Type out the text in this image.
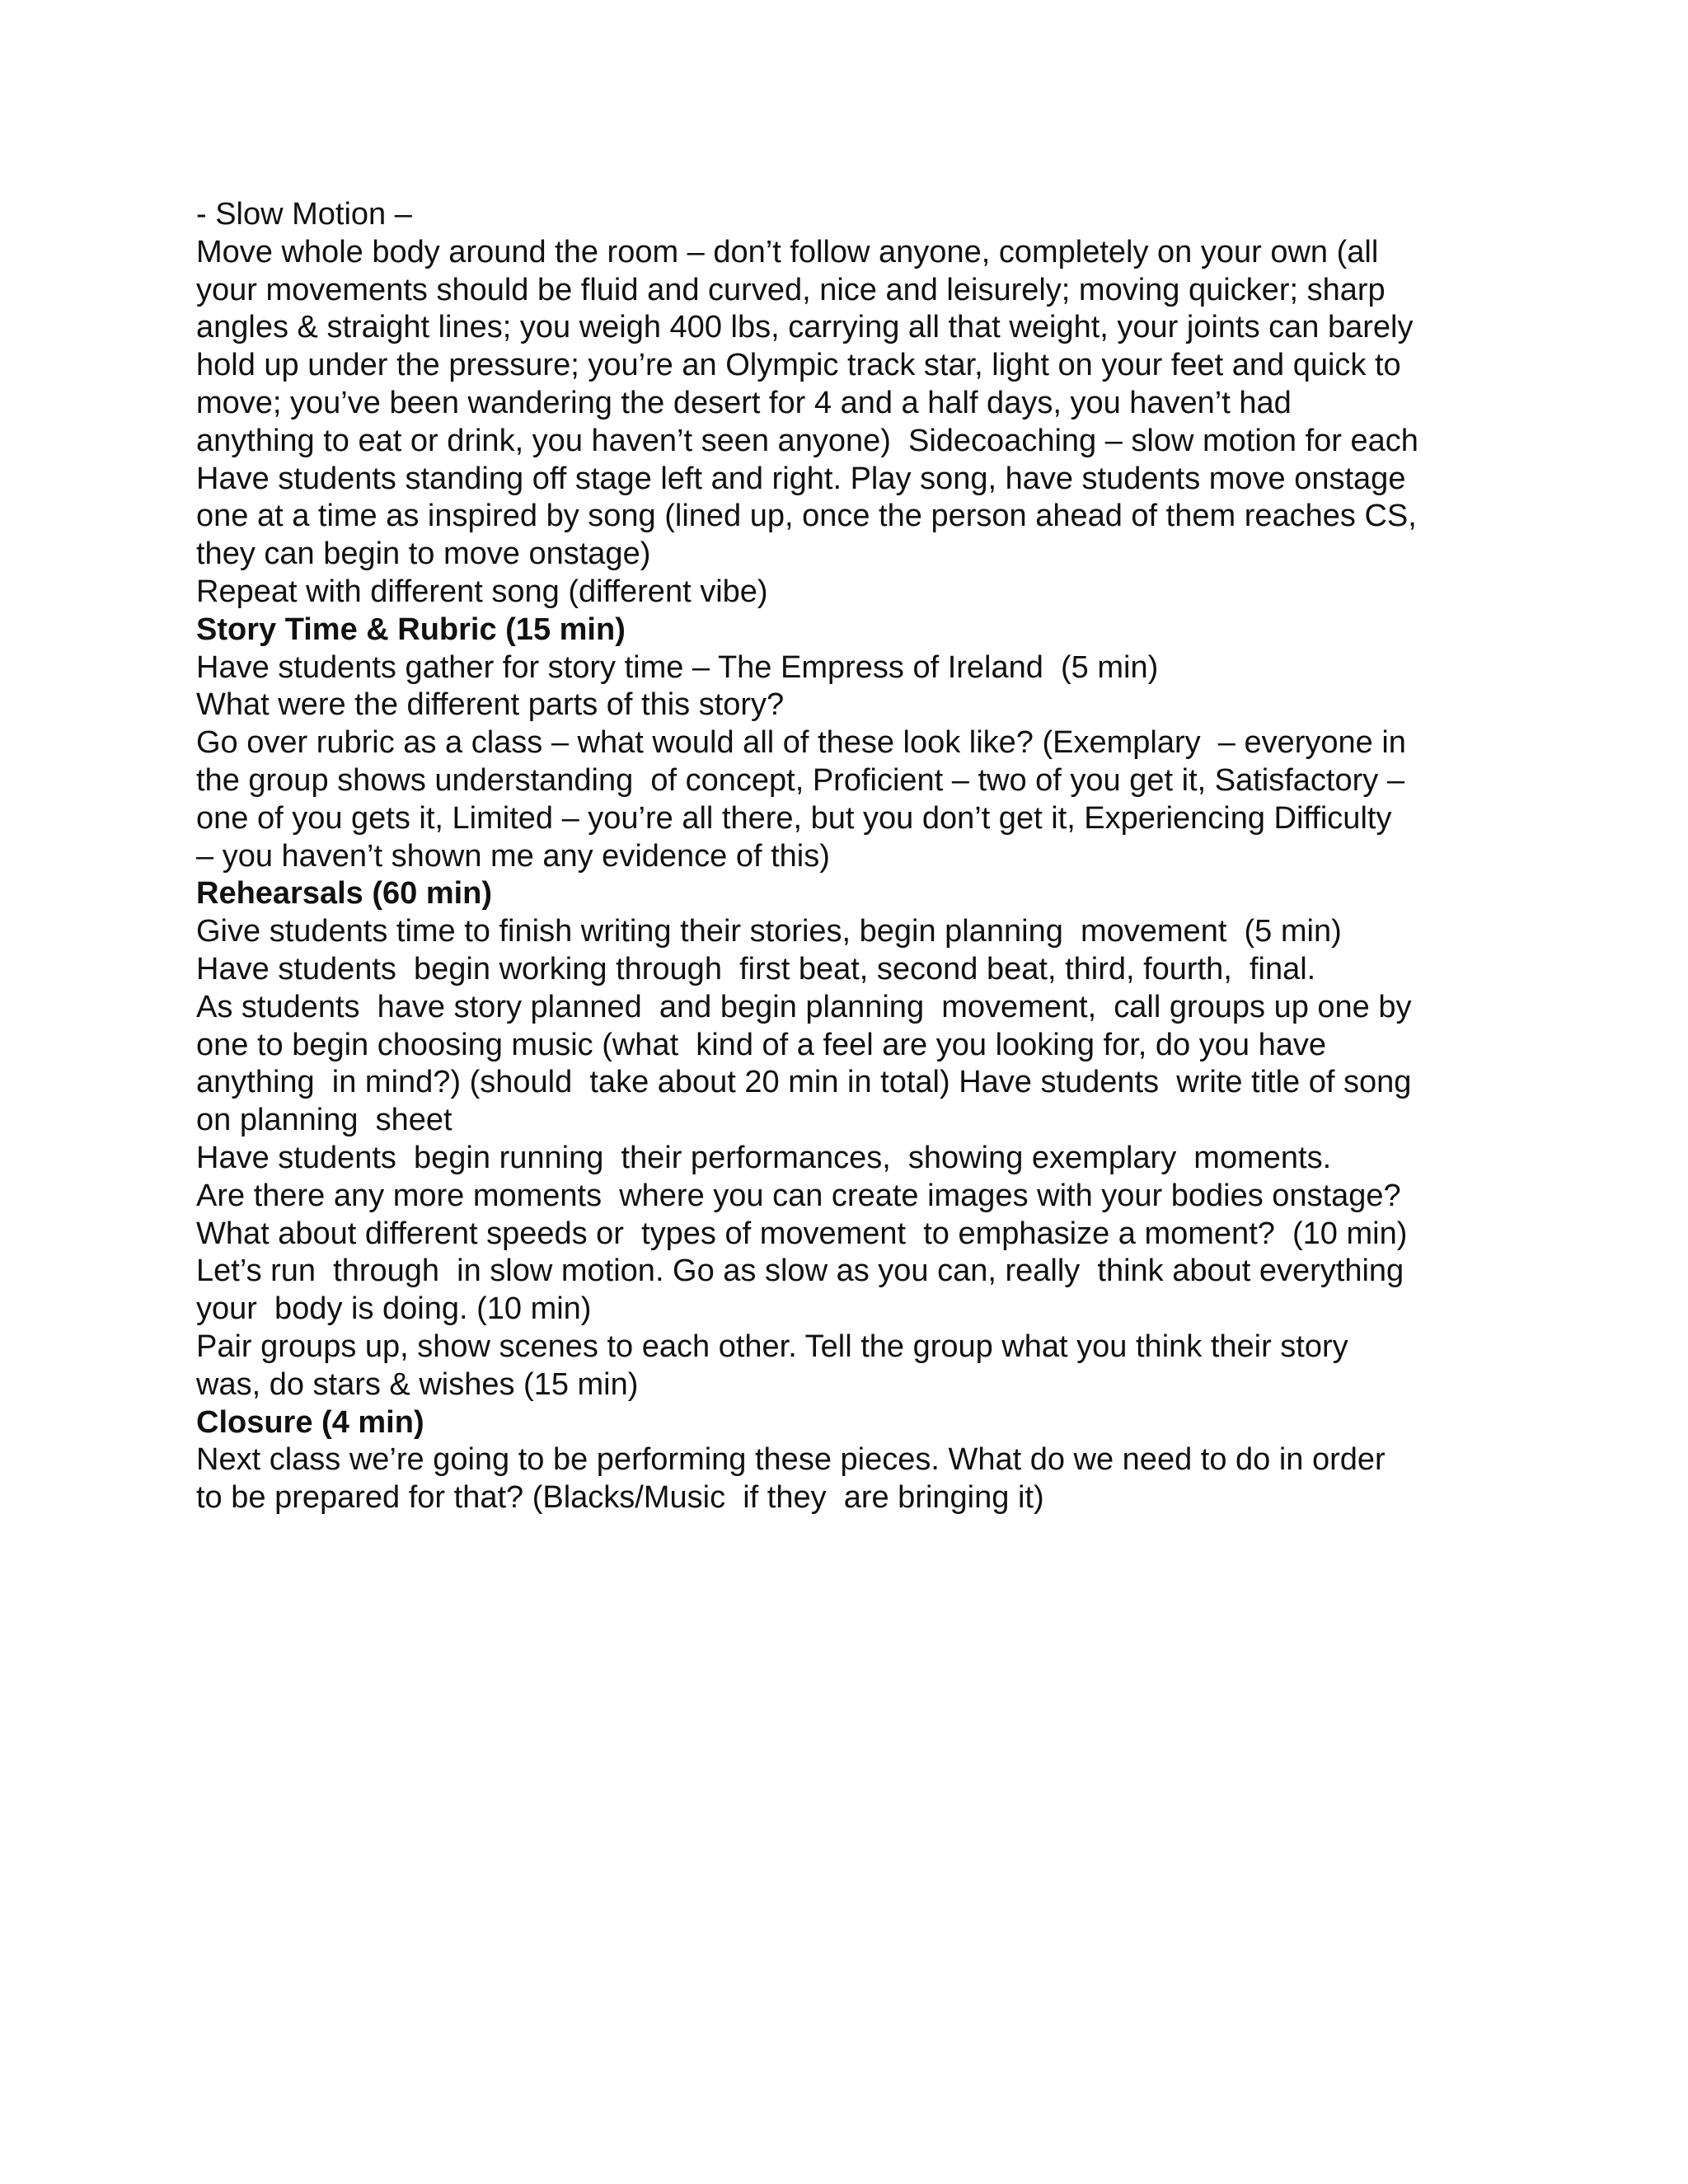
- Slow Motion –
Move whole body around the room – don’t follow anyone, completely on your own (all
your movements should be fluid and curved, nice and leisurely; moving quicker; sharp
angles & straight lines; you weigh 400 lbs, carrying all that weight, your joints can barely
hold up under the pressure; you’re an Olympic track star, light on your feet and quick to
move; you’ve been wandering the desert for 4 and a half days, you haven’t had
anything to eat or drink, you haven’t seen anyone)  Sidecoaching – slow motion for each
Have students standing off stage left and right. Play song, have students move onstage
one at a time as inspired by song (lined up, once the person ahead of them reaches CS,
they can begin to move onstage)
Repeat with different song (different vibe)
Story Time & Rubric (15 min)
Have students gather for story time – The Empress of Ireland  (5 min)
What were the different parts of this story?
Go over rubric as a class – what would all of these look like? (Exemplary  – everyone in
the group shows understanding  of concept, Proficient – two of you get it, Satisfactory –
one of you gets it, Limited – you’re all there, but you don’t get it, Experiencing Difficulty
– you haven’t shown me any evidence of this)
Rehearsals (60 min)
Give students time to finish writing their stories, begin planning  movement  (5 min)
Have students  begin working through  first beat, second beat, third, fourth,  final.
As students  have story planned  and begin planning  movement,  call groups up one by
one to begin choosing music (what  kind of a feel are you looking for, do you have
anything  in mind?) (should  take about 20 min in total) Have students  write title of song
on planning  sheet
Have students  begin running  their performances,  showing exemplary  moments.
Are there any more moments  where you can create images with your bodies onstage?
What about different speeds or  types of movement  to emphasize a moment?  (10 min)
Let’s run  through  in slow motion. Go as slow as you can, really  think about everything
your  body is doing. (10 min)
Pair groups up, show scenes to each other. Tell the group what you think their story
was, do stars & wishes (15 min)
Closure (4 min)
Next class we’re going to be performing these pieces. What do we need to do in order
to be prepared for that? (Blacks/Music  if they  are bringing it)
